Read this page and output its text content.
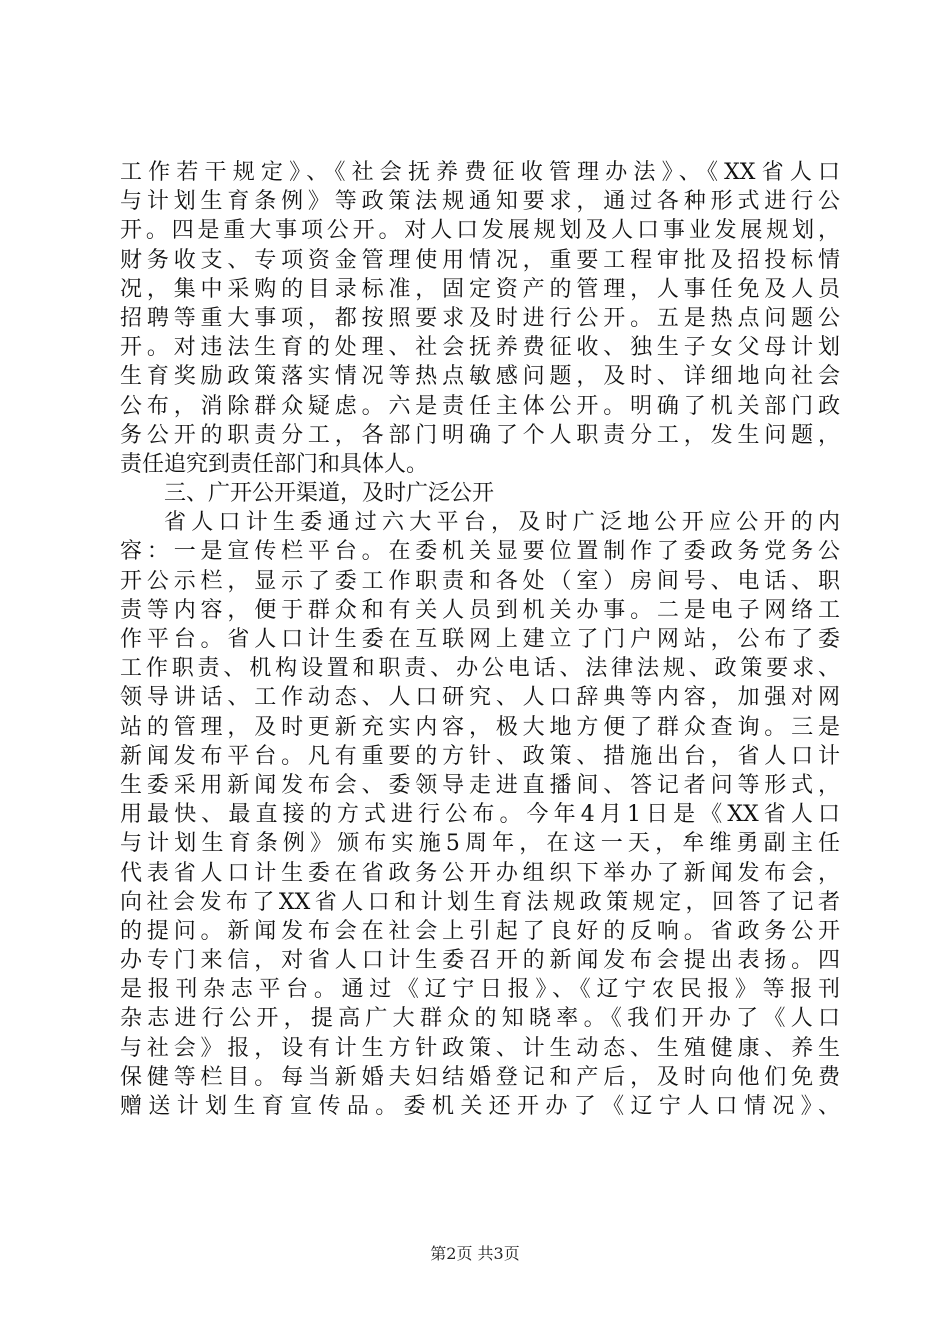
工作若干规定》、《社会抚养费征收管理办法》、《XX省人口
与计划生育条例》等政策法规通知要求，通过各种形式进行公
开。四是重大事项公开。对人口发展规划及人口事业发展规划，
财务收支、专项资金管理使用情况，重要工程审批及招投标情
况，集中采购的目录标准，固定资产的管理，人事任免及人员
招聘等重大事项，都按照要求及时进行公开。五是热点问题公
开。对违法生育的处理、社会抚养费征收、独生子女父母计划
生育奖励政策落实情况等热点敏感问题，及时、详细地向社会
公布，消除群众疑虑。六是责任主体公开。明确了机关部门政
务公开的职责分工，各部门明确了个人职责分工，发生问题，
责任追究到责任部门和具体人。
三、广开公开渠道，及时广泛公开
省人口计生委通过六大平台，及时广泛地公开应公开的内
容：一是宣传栏平台。在委机关显要位置制作了委政务党务公
开公示栏，显示了委工作职责和各处（室）房间号、电话、职
责等内容，便于群众和有关人员到机关办事。二是电子网络工
作平台。省人口计生委在互联网上建立了门户网站，公布了委
工作职责、机构设置和职责、办公电话、法律法规、政策要求、
领导讲话、工作动态、人口研究、人口辞典等内容，加强对网
站的管理，及时更新充实内容，极大地方便了群众查询。三是
新闻发布平台。凡有重要的方针、政策、措施出台，省人口计
生委采用新闻发布会、委领导走进直播间、答记者问等形式，
用最快、最直接的方式进行公布。今年4月1日是《XX省人口
与计划生育条例》颁布实施5周年，在这一天，牟维勇副主任
代表省人口计生委在省政务公开办组织下举办了新闻发布会，
向社会发布了XX省人口和计划生育法规政策规定，回答了记者
的提问。新闻发布会在社会上引起了良好的反响。省政务公开
办专门来信，对省人口计生委召开的新闻发布会提出表扬。四
是报刊杂志平台。通过《辽宁日报》、《辽宁农民报》等报刊
杂志进行公开，提高广大群众的知晓率。《我们开办了《人口
与社会》报，设有计生方针政策、计生动态、生殖健康、养生
保健等栏目。每当新婚夫妇结婚登记和产后，及时向他们免费
赠送计划生育宣传品。委机关还开办了《辽宁人口情况》、
第2页 共3页
